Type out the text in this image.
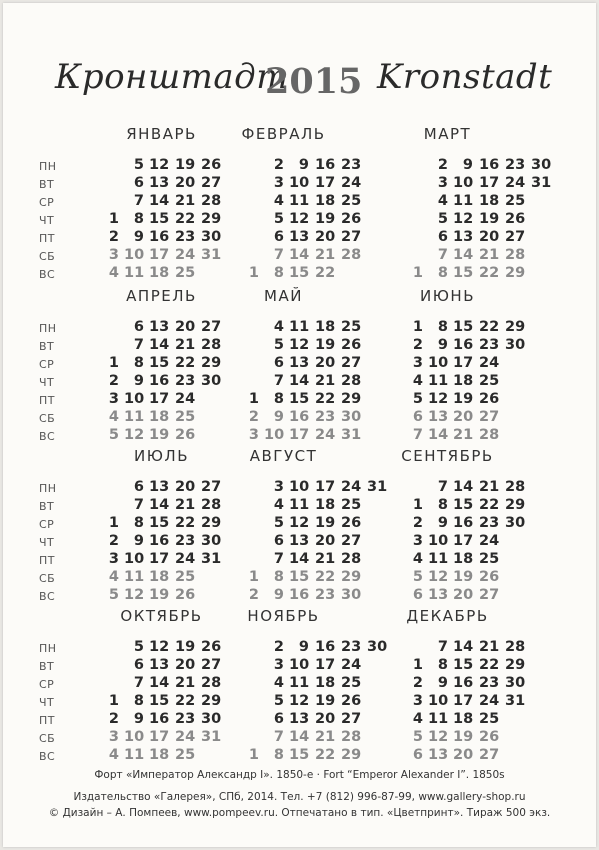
Кронштадт
2015 Kronstadt
ЯНВАРЬ
ПН
ВТ
СР
ЧТ
ПТ
СБ
ВС
1
2
3
4
5
6
7
8
9
10
11
12
13
14
15
16
17
18
19
20
21
22
23
24
25
26
27
28
29
30
31
ФЕВРАЛЬ
1
2
3
4
5
6
7
8
9
10
11
12
13
14
15
16
17
18
19
20
21
22
23
24
25
26
27
28
МАРТ
1
2
3
4
5
6
7
8
9
10
11
12
13
14
15
16
17
18
19
20
21
22
23
24
25
26
27
28
29
30
31
АПРЕЛЬ
ПН
ВТ
СР
ЧТ
ПТ
СБ
ВС
1
2
3
4
5
6
7
8
9
10
11
12
13
14
15
16
17
18
19
20
21
22
23
24
25
26
27
28
29
30
МАЙ
1
2
3
4
5
6
7
8
9
10
11
12
13
14
15
16
17
18
19
20
21
22
23
24
25
26
27
28
29
30
31
ИЮНЬ
1
2
3
4
5
6
7
8
9
10
11
12
13
14
15
16
17
18
19
20
21
22
23
24
25
26
27
28
29
30
ИЮЛЬ
ПН
ВТ
СР
ЧТ
ПТ
СБ
ВС
1
2
3
4
5
6
7
8
9
10
11
12
13
14
15
16
17
18
19
20
21
22
23
24
25
26
27
28
29
30
31
АВГУСТ
1
2
3
4
5
6
7
8
9
10
11
12
13
14
15
16
17
18
19
20
21
22
23
24
25
26
27
28
29
30
31
СЕНТЯБРЬ
1
2
3
4
5
6
7
8
9
10
11
12
13
14
15
16
17
18
19
20
21
22
23
24
25
26
27
28
29
30
ОКТЯБРЬ
ПН
ВТ
СР
ЧТ
ПТ
СБ
ВС
1
2
3
4
5
6
7
8
9
10
11
12
13
14
15
16
17
18
19
20
21
22
23
24
25
26
27
28
29
30
31
НОЯБРЬ
1
2
3
4
5
6
7
8
9
10
11
12
13
14
15
16
17
18
19
20
21
22
23
24
25
26
27
28
29
30
ДЕКАБРЬ
1
2
3
4
5
6
7
8
9
10
11
12
13
14
15
16
17
18
19
20
21
22
23
24
25
26
27
28
29
30
31
Форт «Император Александр I». 1850-е · Fort “Emperor Alexander I”. 1850s
Издательство «Галерея», СПб, 2014. Тел. +7 (812) 996-87-99, www.gallery-shop.ru
© Дизайн – А. Помпеев, www.pompeev.ru. Отпечатано в тип. «Цветпринт». Тираж 500 экз.
